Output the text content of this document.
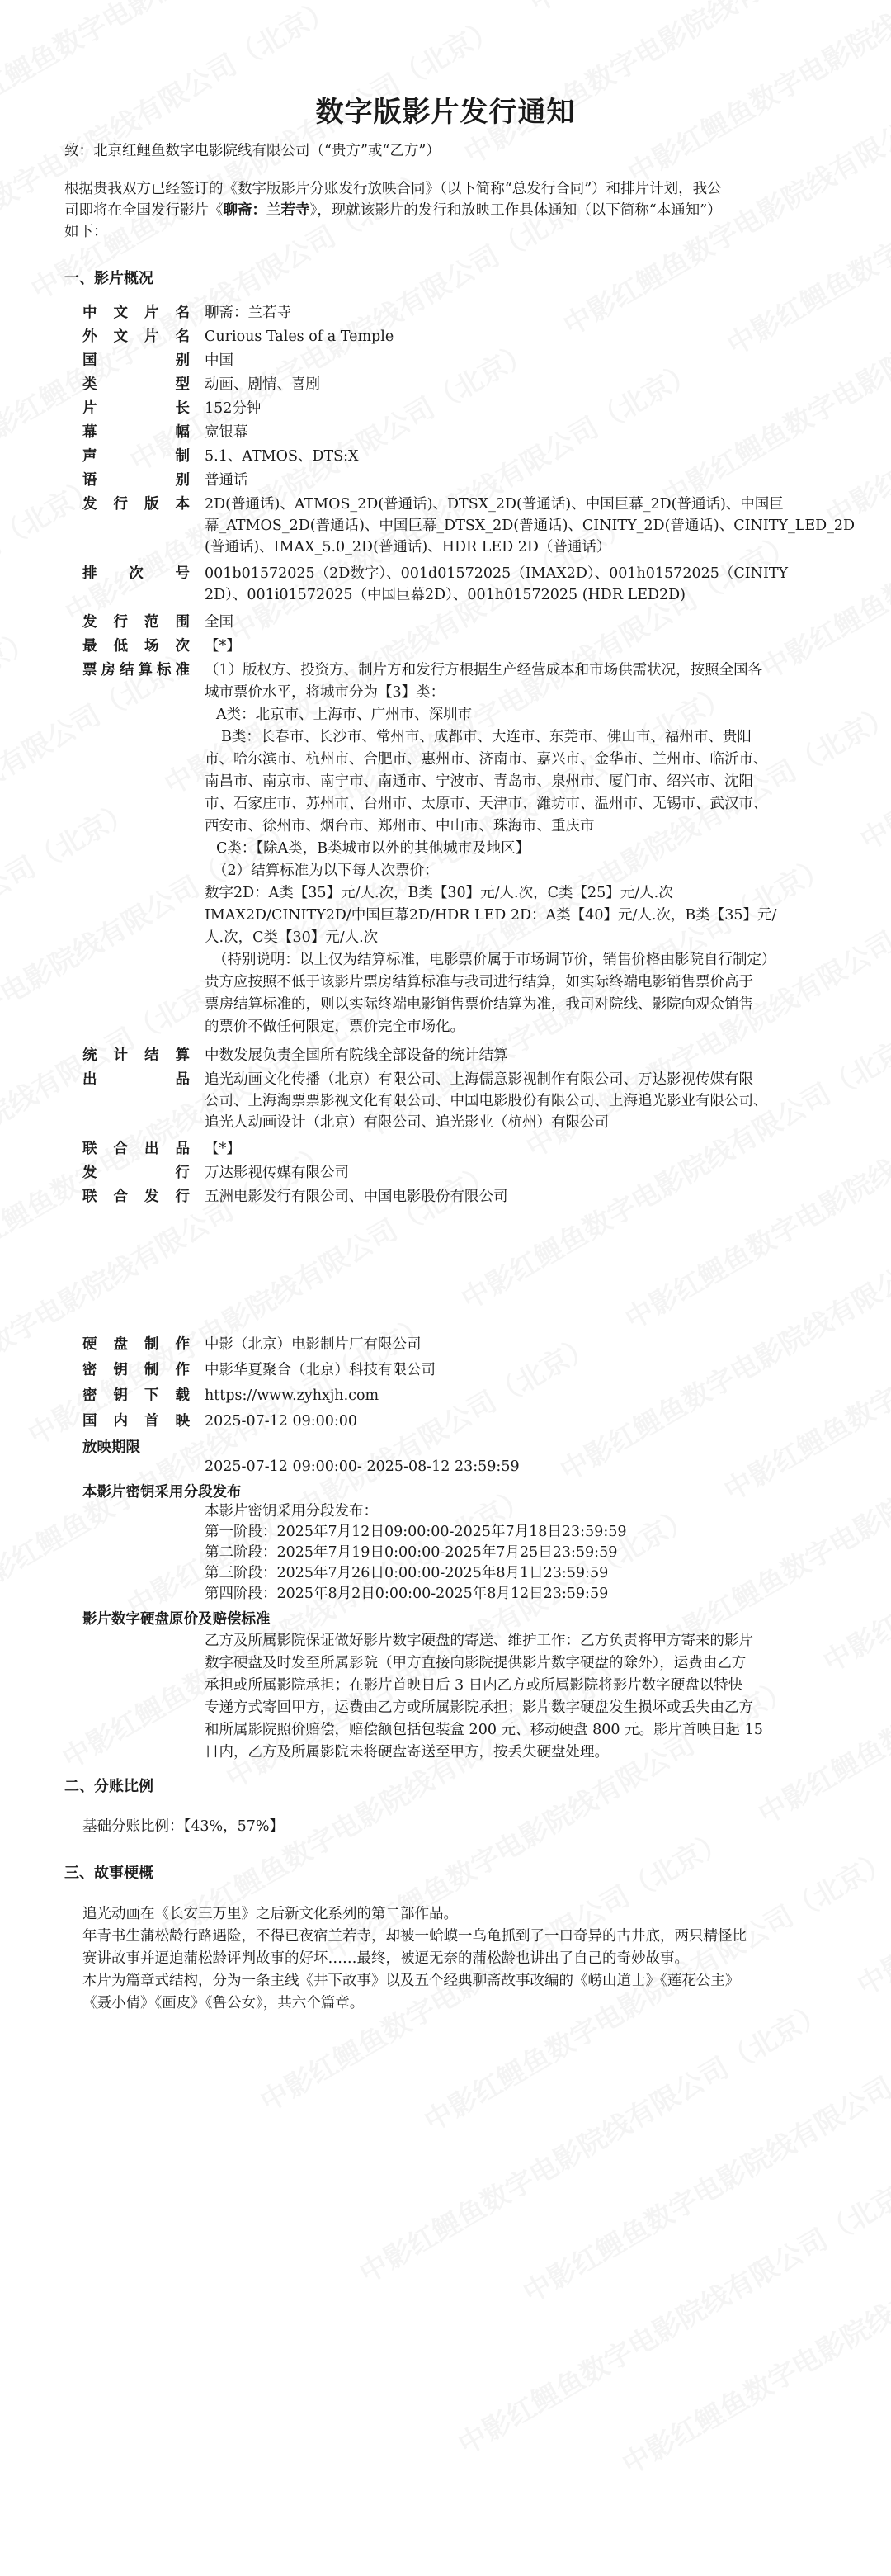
数字版影片发行通知
致：北京红鲤鱼数字电影院线有限公司（“贵方”或“乙方”）
根据贵我双方已经签订的《数字版影片分账发行放映合同》（以下简称“总发行合同”）和排片计划，我公
司即将在全国发行影片《聊斋：兰若寺》，现就该影片的发行和放映工作具体通知（以下简称“本通知”）
如下：
一、影片概况
中文片名 聊斋：兰若寺
外文片名 Curious Tales of a Temple
国别 中国
类型 动画、剧情、喜剧
片长 152分钟
幕幅 宽银幕
声制 5.1、ATMOS、DTS:X
语别 普通话
发行版本 2D(普通话)、ATMOS_2D(普通话)、DTSX_2D(普通话)、中国巨幕_2D(普通话)、中国巨
幕_ATMOS_2D(普通话)、中国巨幕_DTSX_2D(普通话)、CINITY_2D(普通话)、CINITY_LED_2D
(普通话)、IMAX_5.0_2D(普通话)、HDR LED 2D（普通话）
排次号 001b01572025（2D数字）、001d01572025（IMAX2D）、001h01572025（CINITY
2D）、001i01572025（中国巨幕2D）、001h01572025 (HDR LED2D)
发行范围 全国
最低场次 【*】
票房结算标准 （1）版权方、投资方、制片方和发行方根据生产经营成本和市场供需状况，按照全国各
城市票价水平，将城市分为【3】类：
A类：北京市、上海市、广州市、深圳市
B类：长春市、长沙市、常州市、成都市、大连市、东莞市、佛山市、福州市、贵阳
市、哈尔滨市、杭州市、合肥市、惠州市、济南市、嘉兴市、金华市、兰州市、临沂市、
南昌市、南京市、南宁市、南通市、宁波市、青岛市、泉州市、厦门市、绍兴市、沈阳
市、石家庄市、苏州市、台州市、太原市、天津市、潍坊市、温州市、无锡市、武汉市、
西安市、徐州市、烟台市、郑州市、中山市、珠海市、重庆市
C类：【除A类，B类城市以外的其他城市及地区】
（2）结算标准为以下每人次票价：
数字2D：A类【35】元/人.次，B类【30】元/人.次，C类【25】元/人.次
IMAX2D/CINITY2D/中国巨幕2D/HDR LED 2D：A类【40】元/人.次，B类【35】元/
人.次，C类【30】元/人.次
（特别说明：以上仅为结算标准，电影票价属于市场调节价，销售价格由影院自行制定）
贵方应按照不低于该影片票房结算标准与我司进行结算，如实际终端电影销售票价高于
票房结算标准的，则以实际终端电影销售票价结算为准，我司对院线、影院向观众销售
的票价不做任何限定，票价完全市场化。
统计结算 中数发展负责全国所有院线全部设备的统计结算
出品 追光动画文化传播（北京）有限公司、上海儒意影视制作有限公司、万达影视传媒有限
公司、上海淘票票影视文化有限公司、中国电影股份有限公司、上海追光影业有限公司、
追光人动画设计（北京）有限公司、追光影业（杭州）有限公司
联合出品 【*】
发行 万达影视传媒有限公司
联合发行 五洲电影发行有限公司、中国电影股份有限公司
硬盘制作 中影（北京）电影制片厂有限公司
密钥制作 中影华夏聚合（北京）科技有限公司
密钥下载 https://www.zyhxjh.com
国内首映 2025-07-12 09:00:00
放映期限
2025-07-12 09:00:00- 2025-08-12 23:59:59
本影片密钥采用分段发布
本影片密钥采用分段发布：
第一阶段：2025年7月12日09:00:00-2025年7月18日23:59:59
第二阶段：2025年7月19日0:00:00-2025年7月25日23:59:59
第三阶段：2025年7月26日0:00:00-2025年8月1日23:59:59
第四阶段：2025年8月2日0:00:00-2025年8月12日23:59:59
影片数字硬盘原价及赔偿标准
乙方及所属影院保证做好影片数字硬盘的寄送、维护工作：乙方负责将甲方寄来的影片
数字硬盘及时发至所属影院（甲方直接向影院提供影片数字硬盘的除外），运费由乙方
承担或所属影院承担；在影片首映日后 3 日内乙方或所属影院将影片数字硬盘以特快
专递方式寄回甲方，运费由乙方或所属影院承担；影片数字硬盘发生损坏或丢失由乙方
和所属影院照价赔偿，赔偿额包括包装盒 200 元、移动硬盘 800 元。影片首映日起 15
日内，乙方及所属影院未将硬盘寄送至甲方，按丢失硬盘处理。
二、分账比例
基础分账比例：【43%，57%】
三、故事梗概
追光动画在《长安三万里》之后新文化系列的第二部作品。
年青书生蒲松龄行路遇险，不得已夜宿兰若寺，却被一蛤蟆一乌龟抓到了一口奇异的古井底，两只精怪比
赛讲故事并逼迫蒲松龄评判故事的好坏……最终，被逼无奈的蒲松龄也讲出了自己的奇妙故事。
本片为篇章式结构，分为一条主线《井下故事》以及五个经典聊斋故事改编的《崂山道士》《莲花公主》
《聂小倩》《画皮》《鲁公女》，共六个篇章。
